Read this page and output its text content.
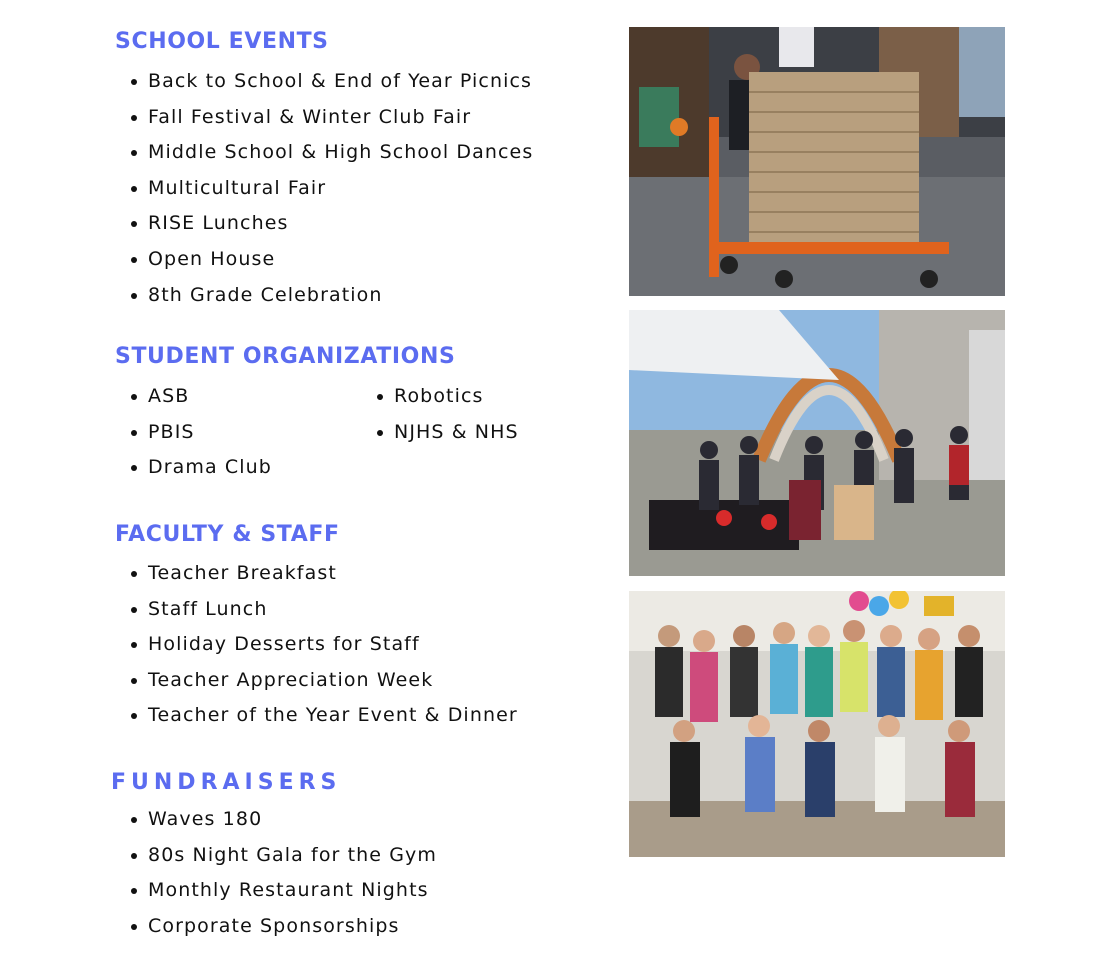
SCHOOL EVENTS
Back to School & End of Year Picnics
Fall Festival & Winter Club Fair
Middle School & High School Dances
Multicultural Fair
RISE Lunches
Open House
8th Grade Celebration
STUDENT ORGANIZATIONS
ASB
PBIS
Drama Club
Robotics
NJHS & NHS
FACULTY & STAFF
Teacher Breakfast
Staff Lunch
Holiday Desserts for Staff
Teacher Appreciation Week
Teacher of the Year Event & Dinner
FUNDRAISERS
Waves 180
80s Night Gala for the Gym
Monthly Restaurant Nights
Corporate Sponsorships
